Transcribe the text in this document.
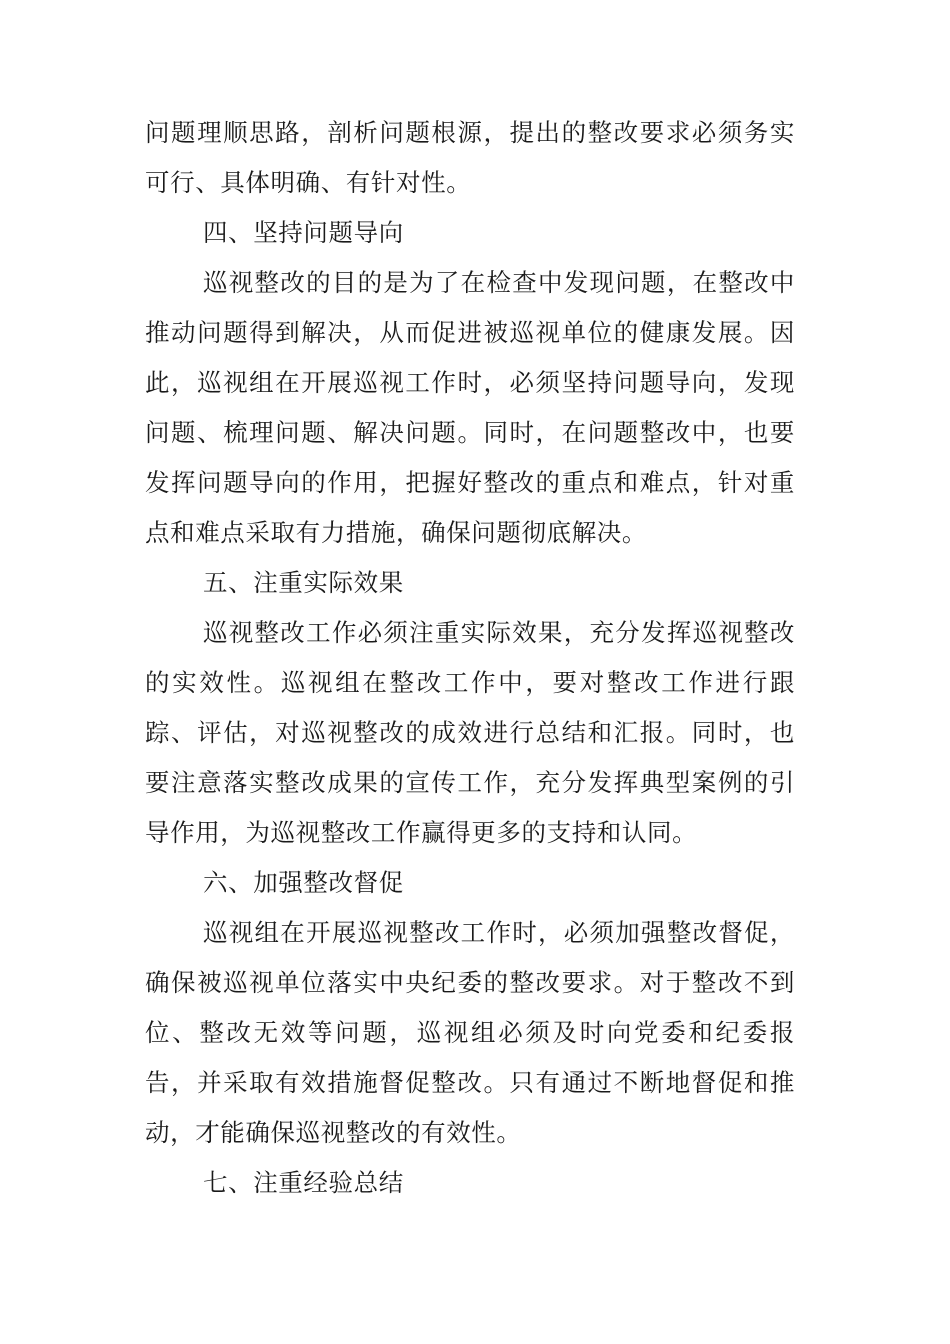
问题理顺思路，剖析问题根源，提出的整改要求必须务实可行、具体明确、有针对性。

四、坚持问题导向

巡视整改的目的是为了在检查中发现问题，在整改中推动问题得到解决，从而促进被巡视单位的健康发展。因此，巡视组在开展巡视工作时，必须坚持问题导向，发现问题、梳理问题、解决问题。同时，在问题整改中，也要发挥问题导向的作用，把握好整改的重点和难点，针对重点和难点采取有力措施，确保问题彻底解决。

五、注重实际效果

巡视整改工作必须注重实际效果，充分发挥巡视整改的实效性。巡视组在整改工作中，要对整改工作进行跟踪、评估，对巡视整改的成效进行总结和汇报。同时，也要注意落实整改成果的宣传工作，充分发挥典型案例的引导作用，为巡视整改工作赢得更多的支持和认同。

六、加强整改督促

巡视组在开展巡视整改工作时，必须加强整改督促，确保被巡视单位落实中央纪委的整改要求。对于整改不到位、整改无效等问题，巡视组必须及时向党委和纪委报告，并采取有效措施督促整改。只有通过不断地督促和推动，才能确保巡视整改的有效性。

七、注重经验总结
